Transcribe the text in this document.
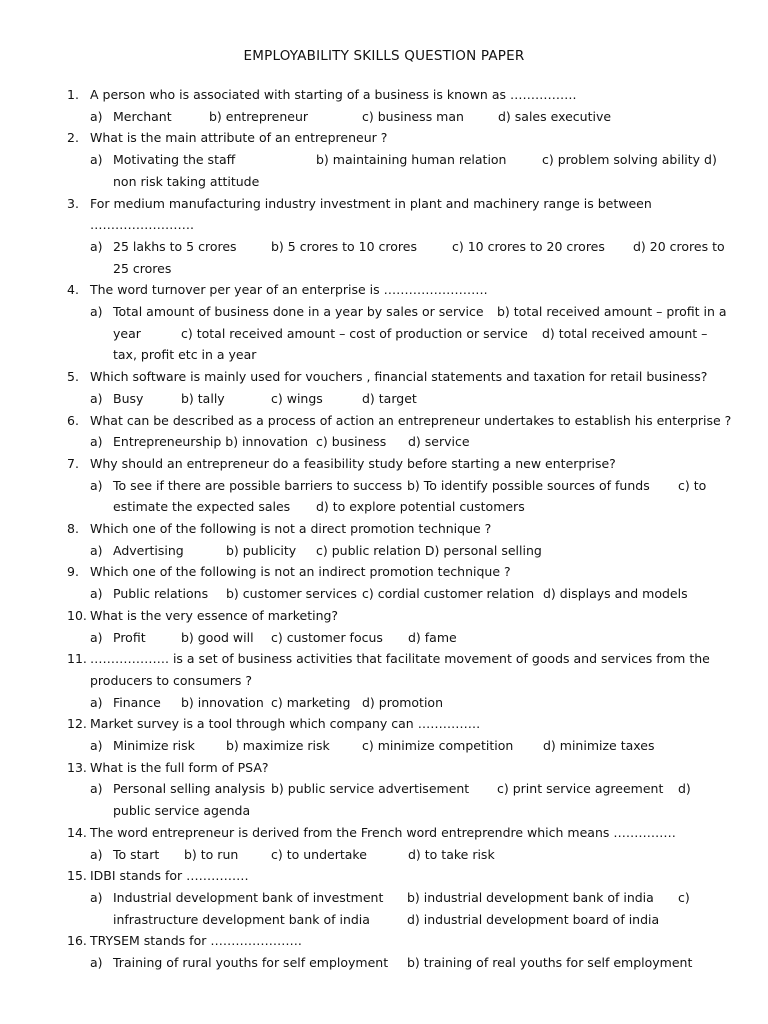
EMPLOYABILITY SKILLS QUESTION PAPER
1. A person who is associated with starting of a business is known as …………….
a) Merchant	b) entrepreneur	c) business man	d) sales executive
2. What is the main attribute of an entrepreneur ?
a) Motivating the staff	b) maintaining human relation	c) problem solving ability d)
non risk taking attitude
3. For medium manufacturing industry investment in plant and machinery range is between
…………………….
a) 25 lakhs to 5 crores	b) 5 crores to 10 crores	c) 10 crores to 20 crores d) 20 crores to
25 crores
4. The word turnover per year of an enterprise is …………………….
a) Total amount of business done in a year by sales or service b) total received amount – profit in a
year	c) total received amount – cost of production or service d) total received amount –
tax, profit etc in a year
5. Which software is mainly used for vouchers , financial statements and taxation for retail business?
a) Busy	b) tally	c) wings	d) target
6. What can be described as a process of action an entrepreneur undertakes to establish his enterprise ?
a) Entrepreneurship b) innovation c) business d) service
7. Why should an entrepreneur do a feasibility study before starting a new enterprise?
a) To see if there are possible barriers to success b) To identify possible sources of funds c) to
estimate the expected sales d) to explore potential customers
8. Which one of the following is not a direct promotion technique ?
a) Advertising	b) publicity c) public relation D) personal selling
9. Which one of the following is not an indirect promotion technique ?
a) Public relations b) customer services c) cordial customer relation d) displays and models
10. What is the very essence of marketing?
a) Profit	b) good will c) customer focus d) fame
11. ………………. is a set of business activities that facilitate movement of goods and services from the
producers to consumers ?
a) Finance b) innovation c) marketing d) promotion
12. Market survey is a tool through which company can ……………
a) Minimize risk b) maximize risk	c) minimize competition d) minimize taxes
13. What is the full form of PSA?
a) Personal selling analysis b) public service advertisement c) print service agreement d)
public service agenda
14. The word entrepreneur is derived from the French word entreprendre which means ……………
a) To start b) to run	c) to undertake	d) to take risk
15. IDBI stands for ……………
a) Industrial development bank of investment b) industrial development bank of india c)
infrastructure development bank of india	d) industrial development board of india
16. TRYSEM stands for ………………….
a) Training of rural youths for self employment b) training of real youths for self employment
